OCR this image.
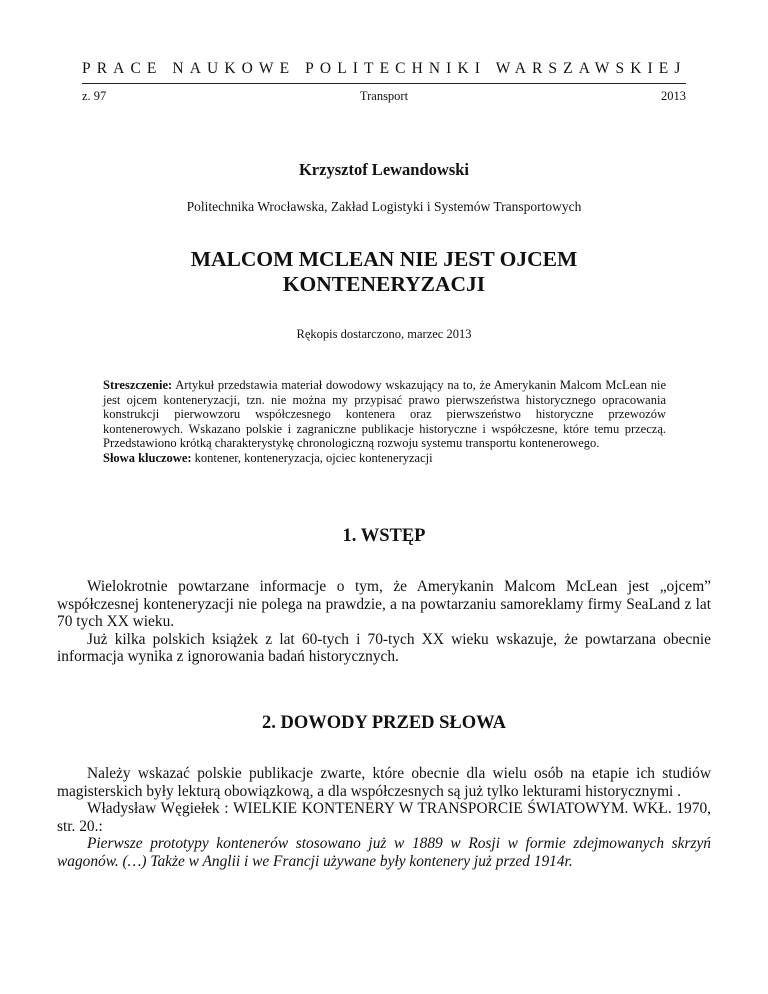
PRACE NAUKOWE POLITECHNIKI WARSZAWSKIEJ
z. 97	Transport	2013
Krzysztof Lewandowski
Politechnika Wrocławska, Zakład Logistyki i Systemów Transportowych
MALCOM MCLEAN NIE JEST OJCEM
KONTENERYZACJI
Rękopis dostarczono, marzec 2013

Streszczenie: Artykuł przedstawia materiał dowodowy wskazujący na to, że Amerykanin Malcom McLean nie jest ojcem konteneryzacji, tzn. nie można my przypisać prawo pierwszeństwa historycznego opracowania konstrukcji pierwowzoru współczesnego kontenera oraz pierwszeństwo historyczne przewozów kontenerowych. Wskazano polskie i zagraniczne publikacje historyczne i współczesne, które temu przeczą. Przedstawiono krótką charakterystykę chronologiczną rozwoju systemu transportu kontenerowego.

Słowa kluczowe: kontener, konteneryzacja, ojciec konteneryzacji

1. WSTĘP

Wielokrotnie powtarzane informacje o tym, że Amerykanin Malcom McLean jest „ojcem” współczesnej konteneryzacji nie polega na prawdzie, a na powtarzaniu samoreklamy firmy SeaLand z lat 70 tych XX wieku.

Już kilka polskich książek z lat 60-tych i 70-tych XX wieku wskazuje, że powtarzana obecnie informacja wynika z ignorowania badań historycznych.

2. DOWODY PRZED SŁOWA

Należy wskazać polskie publikacje zwarte, które obecnie dla wielu osób na etapie ich studiów magisterskich były lekturą obowiązkową, a dla współczesnych są już tylko lekturami historycznymi .

Władysław Węgiełek : WIELKIE KONTENERY W TRANSPORCIE ŚWIATOWYM. WKŁ. 1970, str. 20.:

Pierwsze prototypy kontenerów stosowano już w 1889 w Rosji w formie zdejmowanych skrzyń wagonów. (…) Także w Anglii i we Francji używane były kontenery już przed 1914r.
